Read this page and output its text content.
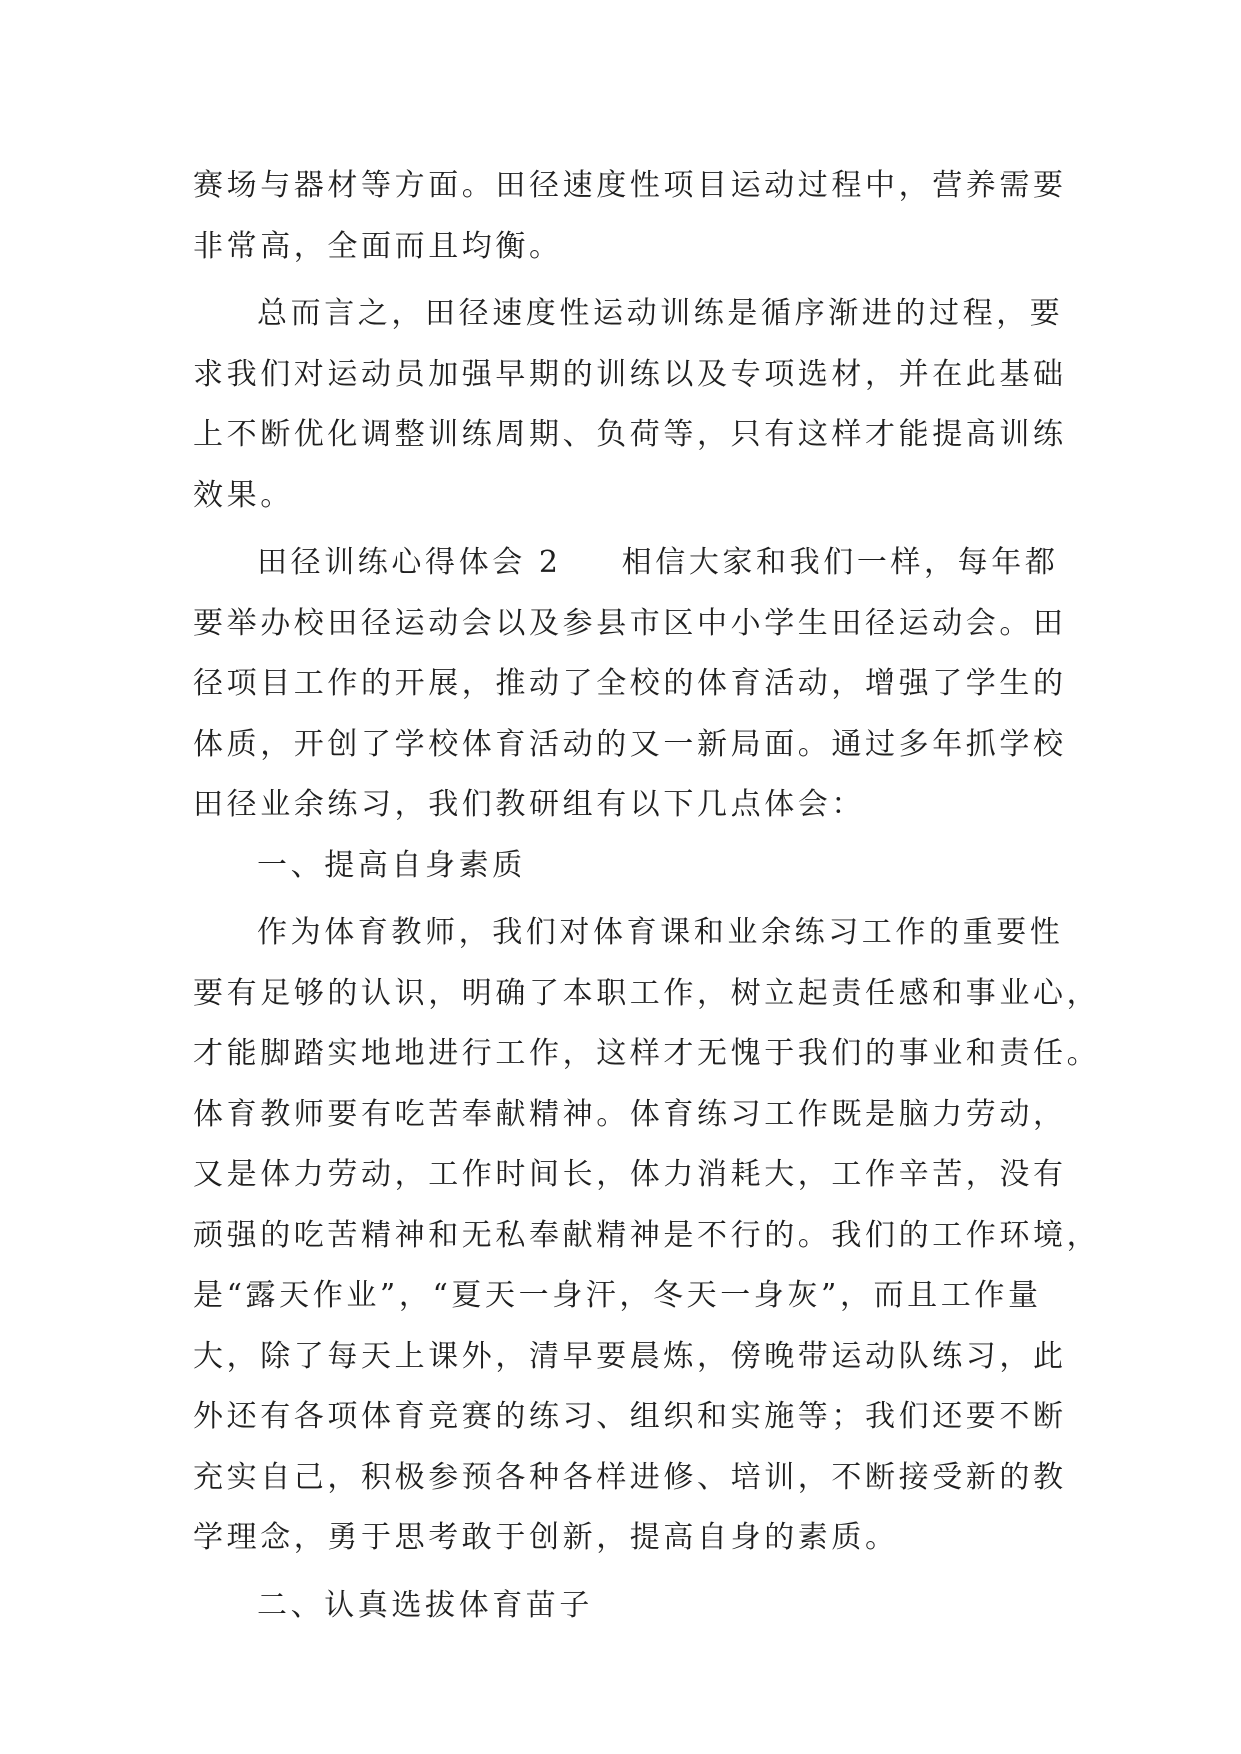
赛场与器材等方面。田径速度性项目运动过程中，营养需要
非常高，全面而且均衡。
总而言之，田径速度性运动训练是循序渐进的过程，要
求我们对运动员加强早期的训练以及专项选材，并在此基础
上不断优化调整训练周期、负荷等，只有这样才能提高训练
效果。
田径训练心得体会 2 相信大家和我们一样，每年都
要举办校田径运动会以及参县市区中小学生田径运动会。田
径项目工作的开展，推动了全校的体育活动，增强了学生的
体质，开创了学校体育活动的又一新局面。通过多年抓学校
田径业余练习，我们教研组有以下几点体会：
一、提高自身素质
作为体育教师，我们对体育课和业余练习工作的重要性
要有足够的认识，明确了本职工作，树立起责任感和事业心，
才能脚踏实地地进行工作，这样才无愧于我们的事业和责任。
体育教师要有吃苦奉献精神。体育练习工作既是脑力劳动，
又是体力劳动，工作时间长，体力消耗大，工作辛苦，没有
顽强的吃苦精神和无私奉献精神是不行的。我们的工作环境，
是“露天作业”，“夏天一身汗，冬天一身灰”，而且工作量
大，除了每天上课外，清早要晨炼，傍晚带运动队练习，此
外还有各项体育竞赛的练习、组织和实施等；我们还要不断
充实自己，积极参预各种各样进修、培训，不断接受新的教
学理念，勇于思考敢于创新，提高自身的素质。
二、认真选拔体育苗子
